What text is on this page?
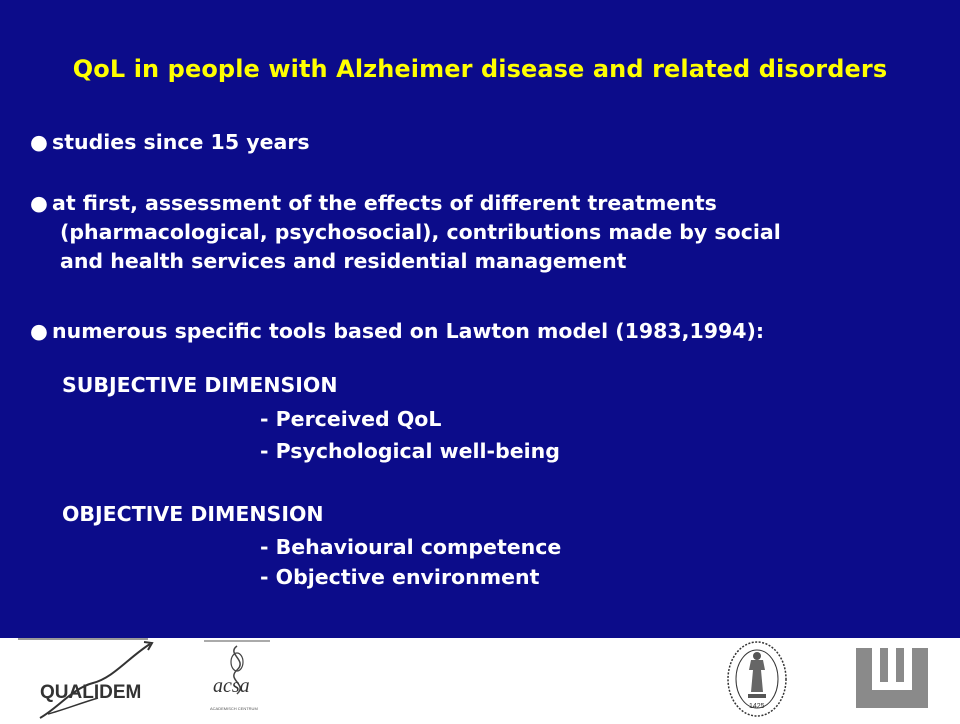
QoL in people with Alzheimer disease and related disorders
● studies since 15 years
● at first, assessment of the effects of different treatments
(pharmacological, psychosocial), contributions made by social
and health services and residential management
● numerous specific tools based on Lawton model (1983,1994):
SUBJECTIVE DIMENSION
- Perceived QoL
- Psychological well-being
OBJECTIVE DIMENSION
- Behavioural competence
- Objective environment
QUALIDEM	acsa
ACADEMISCH CENTRUM	1425
